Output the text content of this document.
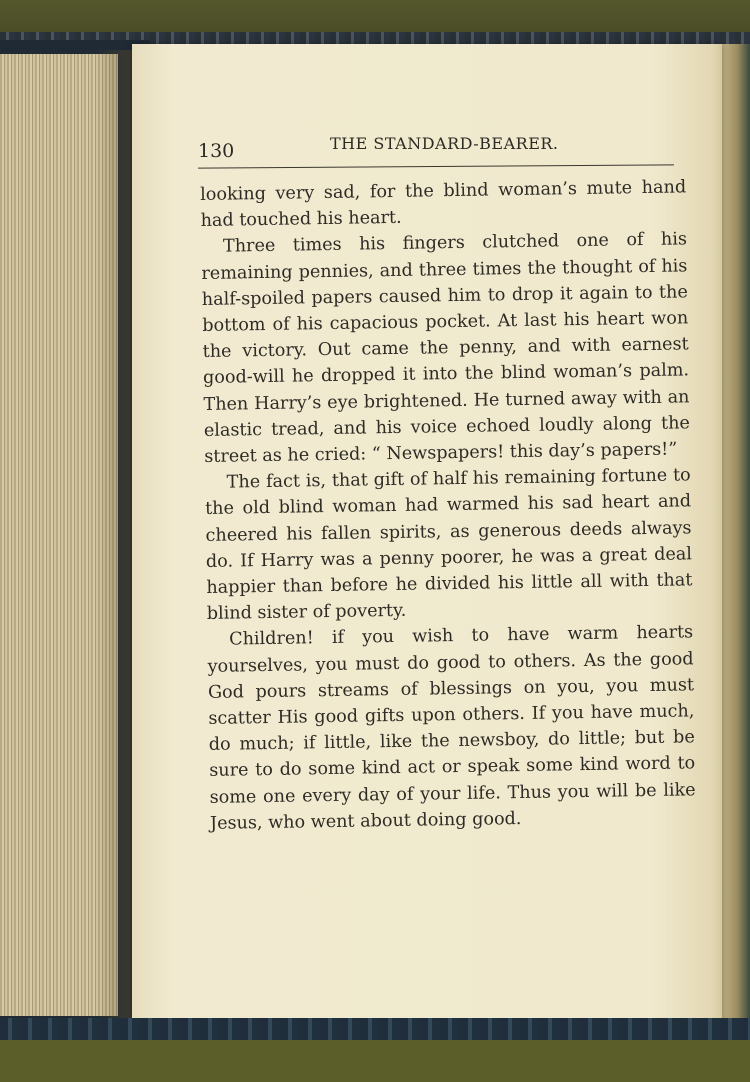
130	THE STANDARD-BEARER.

looking very sad, for the blind woman’s mute hand had touched his heart.

Three times his fingers clutched one of his remaining pennies, and three times the thought of his half-spoiled papers caused him to drop it again to the bottom of his capacious pocket. At last his heart won the victory. Out came the penny, and with earnest good-will he dropped it into the blind woman’s palm. Then Harry’s eye brightened. He turned away with an elastic tread, and his voice echoed loudly along the street as he cried: “ Newspapers! this day’s papers!”

The fact is, that gift of half his remaining fortune to the old blind woman had warmed his sad heart and cheered his fallen spirits, as generous deeds always do. If Harry was a penny poorer, he was a great deal happier than before he divided his little all with that blind sister of poverty.

Children! if you wish to have warm hearts yourselves, you must do good to others. As the good God pours streams of blessings on you, you must scatter His good gifts upon others. If you have much, do much; if little, like the newsboy, do little; but be sure to do some kind act or speak some kind word to some one every day of your life. Thus you will be like Jesus, who went about doing good.
